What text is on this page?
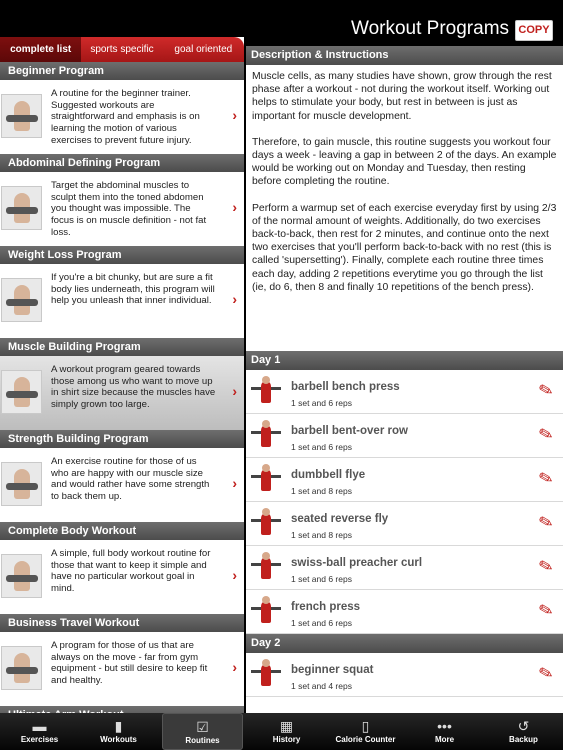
complete list	sports specific	goal oriented
Beginner Program
A routine for the beginner trainer. Suggested workouts are straightforward and emphasis is on learning the motion of various exercises to prevent future injury.
›
Abdominal Defining Program
Target the abdominal muscles to sculpt them into the toned abdomen you thought was impossible. The focus is on muscle definition - not fat loss.
›
Weight Loss Program
If you're a bit chunky, but are sure a fit body lies underneath, this program will help you unleash that inner individual.	›
Muscle Building Program
A workout program geared towards those among us who want to move up in shirt size because the muscles have simply grown too large.
›
Strength Building Program
An exercise routine for those of us who are happy with our muscle size and would rather have some strength to back them up.
›
Complete Body Workout
A simple, full body workout routine for those that want to keep it simple and have no particular workout goal in mind.
›
Business Travel Workout
A program for those of us that are always on the move - far from gym equipment - but still desire to keep fit and healthy.
›
Workout Programs COPY
Description & Instructions

Muscle cells, as many studies have shown, grow through the rest phase after a workout - not during the workout itself. Working out helps to stimulate your body, but rest in between is just as important for muscle development.

Therefore, to gain muscle, this routine suggests you workout four days a week - leaving a gap in between 2 of the days. An example would be working out on Monday and Tuesday, then resting before completing the routine.

Perform a warmup set of each exercise everyday first by using 2/3 of the normal amount of weights. Additionally, do two exercises back-to-back, then rest for 2 minutes, and continue onto the next two exercises that you'll perform back-to-back with no rest (this is called 'supersetting'). Finally, complete each routine three times each day, adding 2 repetitions everytime you go through the list (ie, do 6, then 8 and finally 10 repetitions of the bench press).

Day 1
barbell bench press
1 set and 6 reps
✎
barbell bent-over row
1 set and 6 reps
✎
dumbbell flye
1 set and 8 reps
✎
seated reverse fly
1 set and 8 reps
✎
swiss-ball preacher curl
1 set and 6 reps
✎
french press
1 set and 6 reps
✎
Day 2
beginner squat
1 set and 4 reps
✎
▬
Exercises
▮
Workouts
☑
Routines
▦
History
▯
Calorie Counter
•••
More
↺
Backup
